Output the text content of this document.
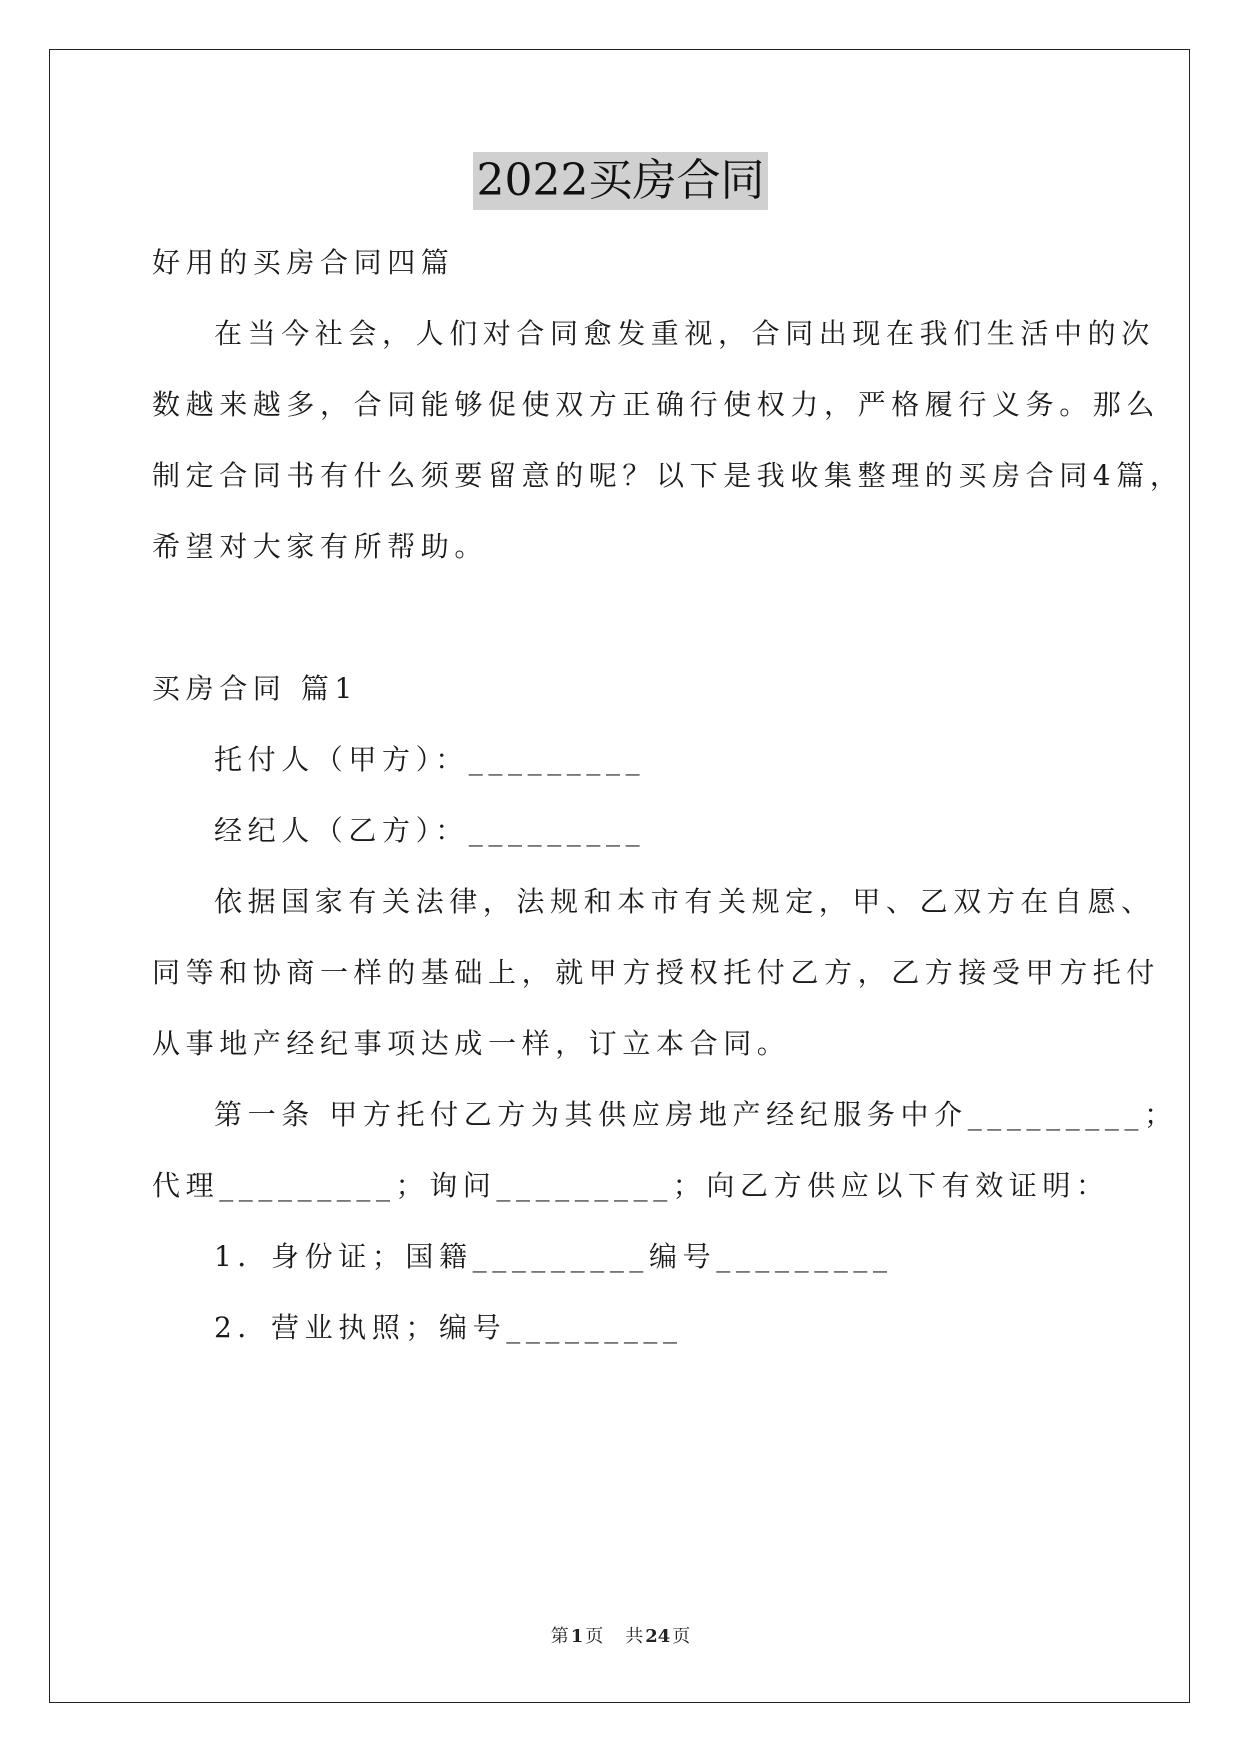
2022买房合同
好用的买房合同四篇
在当今社会，人们对合同愈发重视，合同出现在我们生活中的次
数越来越多，合同能够促使双方正确行使权力，严格履行义务。那么
制定合同书有什么须要留意的呢？以下是我收集整理的买房合同4篇，
希望对大家有所帮助。
买房合同 篇1
托付人（甲方）：_________
经纪人（乙方）：_________
依据国家有关法律，法规和本市有关规定，甲、乙双方在自愿、
同等和协商一样的基础上，就甲方授权托付乙方，乙方接受甲方托付
从事地产经纪事项达成一样，订立本合同。
第一条 甲方托付乙方为其供应房地产经纪服务中介_________；
代理_________；询问_________；向乙方供应以下有效证明：
1．身份证；国籍_________编号_________
2．营业执照；编号_________
第 1 页 共 24 页
